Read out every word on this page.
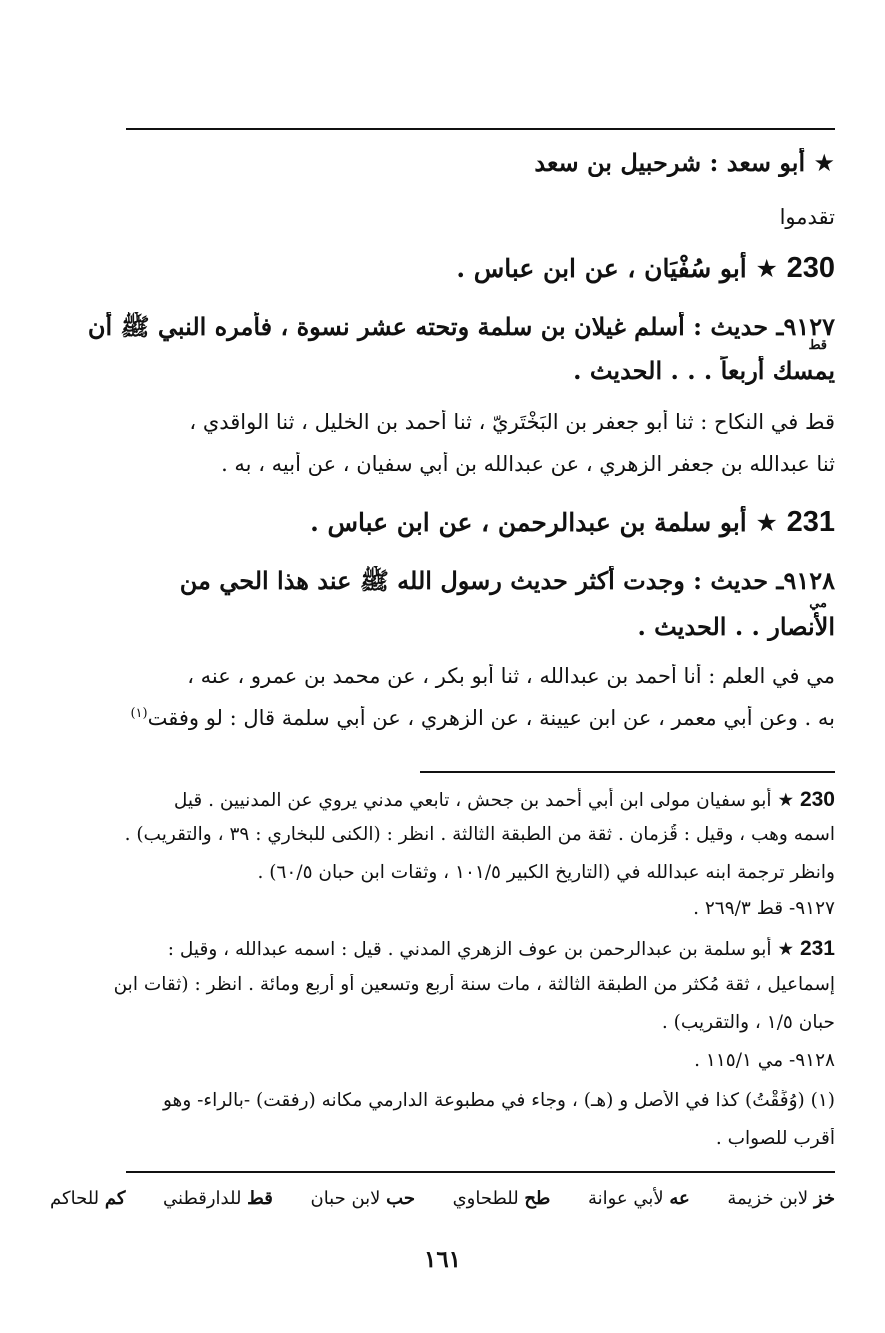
★ أبو سعد : شرحبيل بن سعد
تقدموا
230 ★ أبو سُفْيَان ، عن ابن عباس .
٩١٢٧ـ حديث : أسلم غيلان بن سلمة وتحته عشر نسوة ، فأمره النبي ﷺ أن
قط
يمسك أربعاً . . . الحديث .
قط في النكاح : ثنا أبو جعفر بن البَخْتَرِيّ ، ثنا أحمد بن الخليل ، ثنا الواقدي ،
ثنا عبدالله بن جعفر الزهري ، عن عبدالله بن أبي سفيان ، عن أبيه ، به .
231 ★ أبو سلمة بن عبدالرحمن ، عن ابن عباس .
٩١٢٨ـ حديث : وجدت أكثر حديث رسول الله ﷺ عند هذا الحي من
مي
الأنصار . . الحديث .
مي في العلم : أنا أحمد بن عبدالله ، ثنا أبو بكر ، عن محمد بن عمرو ، عنه ،
به . وعن أبي معمر ، عن ابن عيينة ، عن الزهري ، عن أبي سلمة قال : لو وفقت$^{(١)}$
230 ★ أبو سفيان مولى ابن أبي أحمد بن جحش ، تابعي مدني يروي عن المدنيين . قيل
اسمه وهب ، وقيل : قُزمان . ثقة من الطبقة الثالثة . انظر : (الكنى للبخاري : ٣٩ ، والتقريب) .
وانظر ترجمة ابنه عبدالله في (التاريخ الكبير ١٠١/٥ ، وثقات ابن حبان ٦٠/٥) .
٩١٢٧- قط ٢٦٩/٣ .
231 ★ أبو سلمة بن عبدالرحمن بن عوف الزهري المدني . قيل : اسمه عبدالله ، وقيل :
إسماعيل ، ثقة مُكثر من الطبقة الثالثة ، مات سنة أربع وتسعين أو أربع ومائة . انظر : (ثقات ابن
حبان ١/٥ ، والتقريب) .
٩١٢٨- مي ١١٥/١ .
(١) (وُفِّقْتُ) كذا في الأصل و (هـ) ، وجاء في مطبوعة الدارمي مكانه (رفقت) -بالراء- وهو
أقرب للصواب .
خز لابن خزيمة
عه لأبي عوانة
طح للطحاوي
حب لابن حبان
قط للدارقطني
كم للحاكم
١٦١
